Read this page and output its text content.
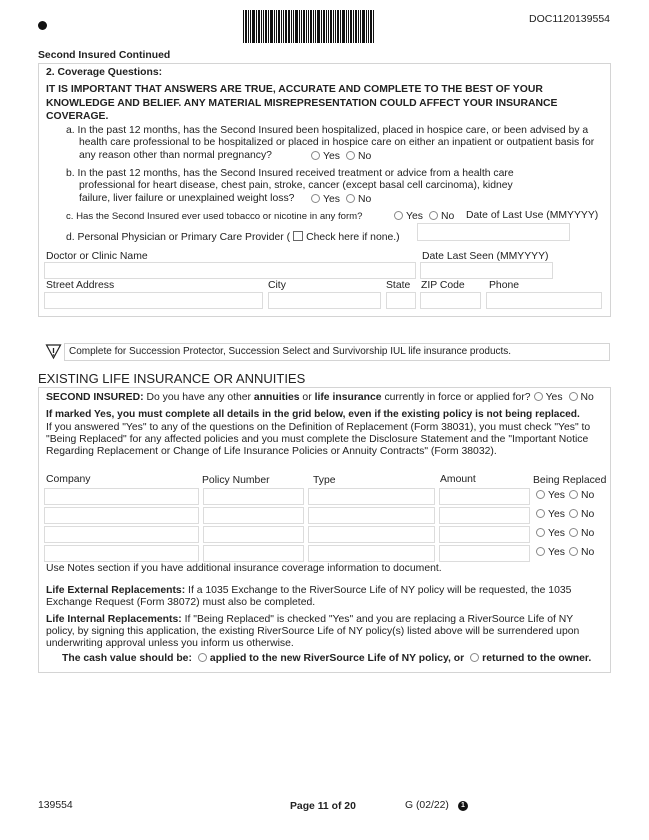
DOC1120139554
Second Insured Continued
2. Coverage Questions:
IT IS IMPORTANT THAT ANSWERS ARE TRUE, ACCURATE AND COMPLETE TO THE BEST OF YOUR
KNOWLEDGE AND BELIEF. ANY MATERIAL MISREPRESENTATION COULD AFFECT YOUR INSURANCE
COVERAGE.
a. In the past 12 months, has the Second Insured been hospitalized, placed in hospice care, or been advised by a
health care professional to be hospitalized or placed in hospice care on either an inpatient or outpatient basis for
any reason other than normal pregnancy?	Yes No
b. In the past 12 months, has the Second Insured received treatment or advice from a health care
professional for heart disease, chest pain, stroke, cancer (except basal cell carcinoma), kidney
failure, liver failure or unexplained weight loss?	Yes No
c. Has the Second Insured ever used tobacco or nicotine in any form?	Yes No Date of Last Use (MMYYYY)
d. Personal Physician or Primary Care Provider ( Check here if none.)
Doctor or Clinic Name	Date Last Seen (MMYYYY)
Street Address	City	State ZIP Code Phone
Complete for Succession Protector, Succession Select and Survivorship IUL life insurance products.
EXISTING LIFE INSURANCE OR ANNUITIES
SECOND INSURED: Do you have any other annuities or life insurance currently in force or applied for? Yes No
If marked Yes, you must complete all details in the grid below, even if the existing policy is not being replaced.
If you answered "Yes" to any of the questions on the Definition of Replacement (Form 38031), you must check "Yes" to
"Being Replaced" for any affected policies and you must complete the Disclosure Statement and the "Important Notice
Regarding Replacement or Change of Life Insurance Policies or Annuity Contracts" (Form 38032).
Company	Policy Number	Type	Amount	Being Replaced
Yes No
Yes No
Yes No
Yes No
Use Notes section if you have additional insurance coverage information to document.
Life External Replacements: If a 1035 Exchange to the RiverSource Life of NY policy will be requested, the 1035
Exchange Request (Form 38072) must also be completed.
Life Internal Replacements: If "Being Replaced" is checked "Yes" and you are replacing a RiverSource Life of NY
policy, by signing this application, the existing RiverSource Life of NY policy(s) listed above will be surrendered upon
underwriting approval unless you inform us otherwise.
The cash value should be: applied to the new RiverSource Life of NY policy, or returned to the owner.
139554	Page 11 of 20	G (02/22)	1
